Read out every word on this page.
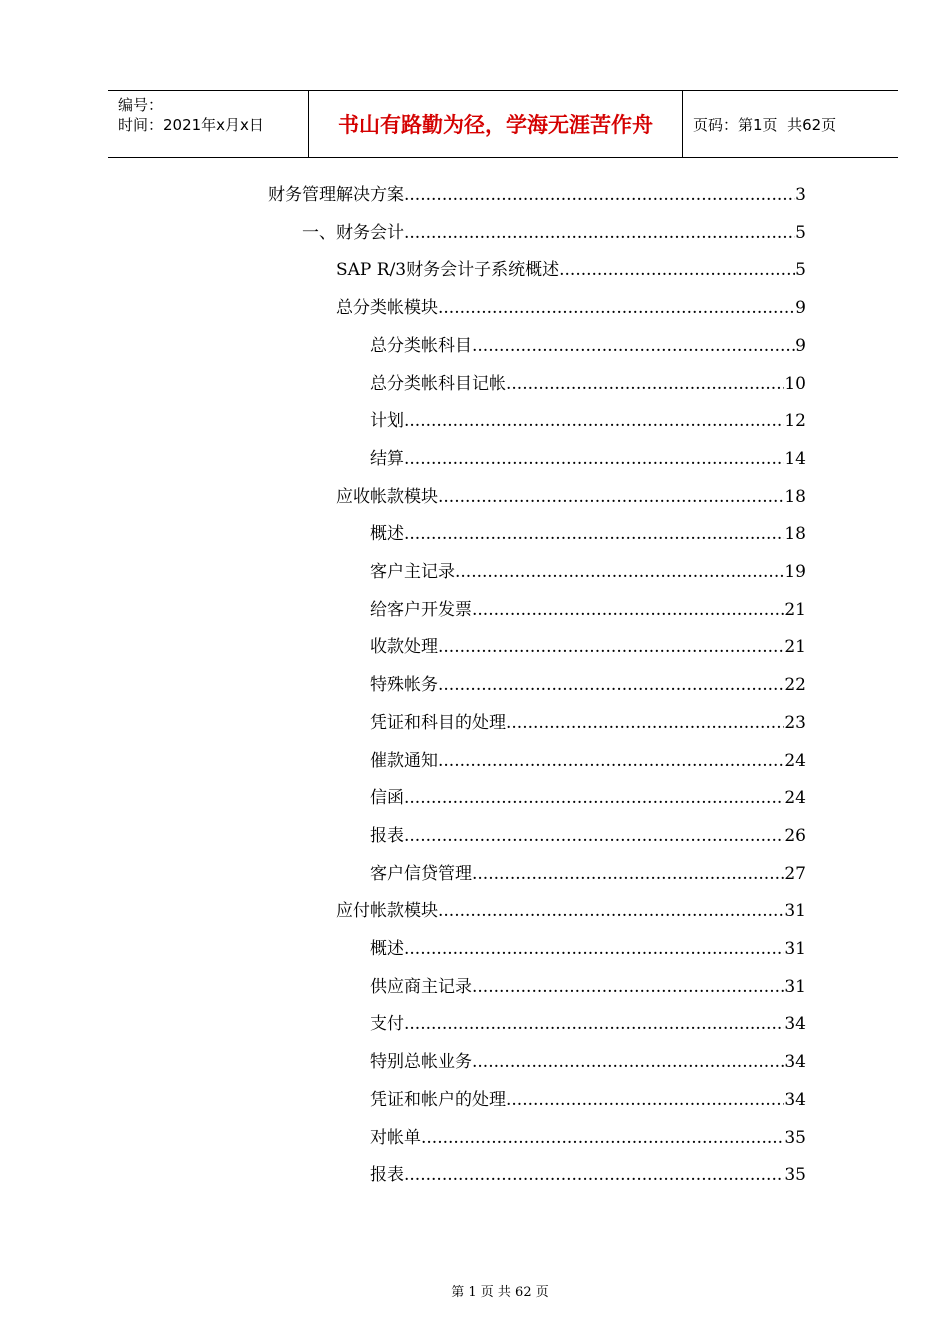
编号：
时间：2021年x月x日	书山有路勤为径，学海无涯苦作舟	页码：第1页  共62页
财务管理解决方案 .....	3
一、财务会计 .....	5
SAP R/3财务会计子系统概述 .....	5
总分类帐模块 .....	9
总分类帐科目 .....	9
总分类帐科目记帐 .....	10
计划 .....	12
结算 .....	14
应收帐款模块 .....	18
概述 .....	18
客户主记录 .....	19
给客户开发票 .....	21
收款处理 .....	21
特殊帐务 .....	22
凭证和科目的处理 .....	23
催款通知 .....	24
信函 .....	24
报表 .....	26
客户信贷管理 .....	27
应付帐款模块 .....	31
概述 .....	31
供应商主记录 .....	31
支付 .....	34
特别总帐业务 .....	34
凭证和帐户的处理 .....	34
对帐单 .....	35
报表 .....	35
第 1 页 共 62 页
